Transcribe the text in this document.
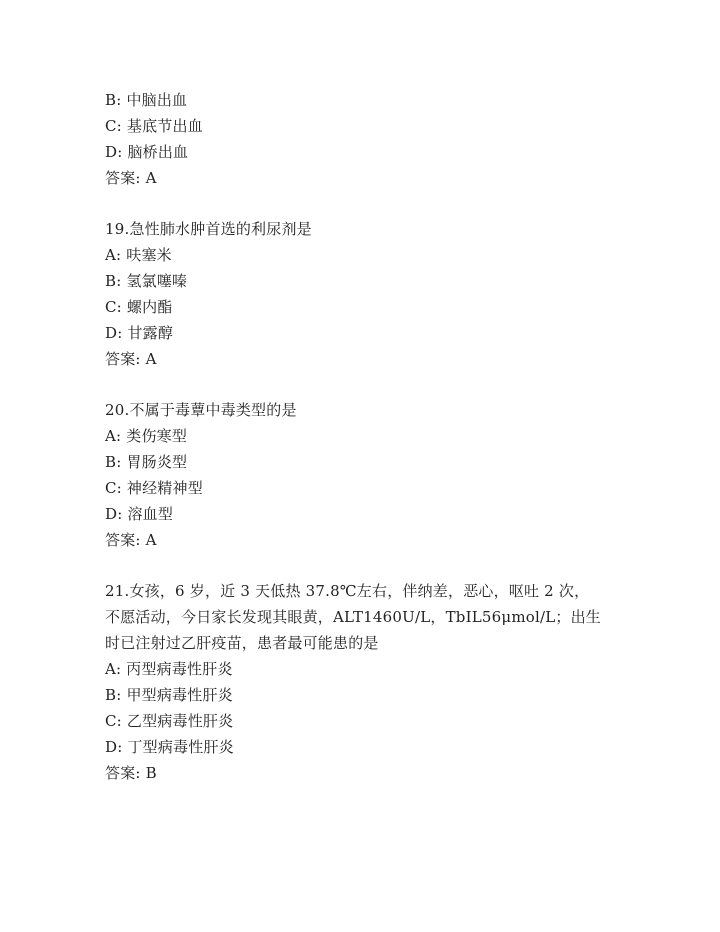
B: 中脑出血
C: 基底节出血
D: 脑桥出血
答案: A
19.急性肺水肿首选的利尿剂是
A: 呋塞米
B: 氢氯噻嗪
C: 螺内酯
D: 甘露醇
答案: A
20.不属于毒蕈中毒类型的是
A: 类伤寒型
B: 胃肠炎型
C: 神经精神型
D: 溶血型
答案: A
21.女孩，6 岁，近 3 天低热 37.8℃左右，伴纳差，恶心，呕吐 2 次，
不愿活动，今日家长发现其眼黄，ALT1460U/L，TbIL56μmol/L；出生
时已注射过乙肝疫苗，患者最可能患的是
A: 丙型病毒性肝炎
B: 甲型病毒性肝炎
C: 乙型病毒性肝炎
D: 丁型病毒性肝炎
答案: B
